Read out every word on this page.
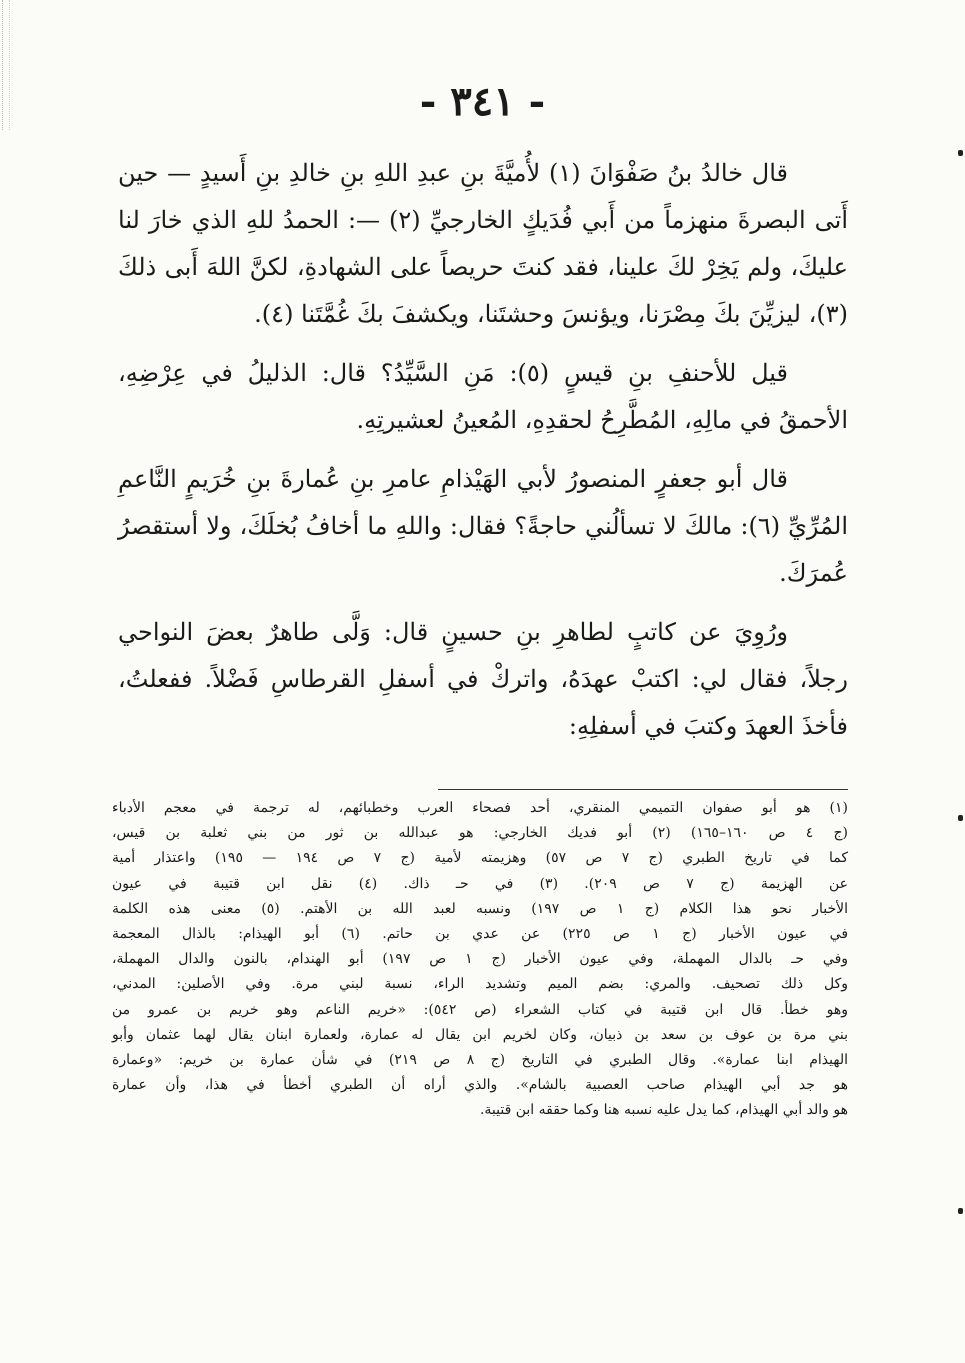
- ٣٤١ -

قال خالدُ بنُ صَفْوَانَ (١) لأُميَّةَ بنِ عبدِ اللهِ بنِ خالدِ بنِ أَسيدٍ — حين أَتى البصرةَ منهزماً من أَبي فُدَيكٍ الخارجيِّ (٢) —: الحمدُ للهِ الذي خارَ لنا عليكَ، ولم يَخِرْ لكَ علينا، فقد كنتَ حريصاً على الشهادةِ، لكنَّ اللهَ أَبى ذلكَ (٣)، ليزيِّنَ بكَ مِصْرَنا، ويؤنسَ وحشتَنا، ويكشفَ بكَ غُمَّتَنا (٤).

قيل للأحنفِ بنِ قيسٍ (٥): مَنِ السَّيِّدُ؟ قال: الذليلُ في عِرْضِهِ، الأحمقُ في مالِهِ، المُطَّرِحُ لحقدِهِ، المُعينُ لعشيرتِهِ.

قال أبو جعفرٍ المنصورُ لأبي الهَيْذامِ عامرِ بنِ عُمارةَ بنِ خُرَيمٍ النَّاعمِ المُرِّيِّ (٦): مالكَ لا تسألُني حاجةً؟ فقال: واللهِ ما أخافُ بُخلَكَ، ولا أستقصرُ عُمرَكَ.

ورُوِيَ عن كاتبٍ لطاهرِ بنِ حسينٍ قال: وَلَّى طاهرٌ بعضَ النواحي رجلاً، فقال لي: اكتبْ عهدَهُ، واتركْ في أسفلِ القرطاسِ فَضْلاً. ففعلتُ، فأخذَ العهدَ وكتبَ في أسفلِهِ:

(١) هو أبو صفوان التميمي المنقري، أحد فصحاء العرب وخطبائهم، له ترجمة في معجم الأدباء
(ج ٤ ص ١٦٠–١٦٥) (٢) أبو فديك الخارجي: هو عبدالله بن ثور من بني ثعلبة بن قيس،
كما في تاريخ الطبري (ج ٧ ص ٥٧) وهزيمته لأمية (ج ٧ ص ١٩٤ — ١٩٥) واعتذار أمية
عن الهزيمة (ج ٧ ص ٢٠٩). (٣) في حـ ذاك. (٤) نقل ابن قتيبة في عيون
الأخبار نحو هذا الكلام (ج ١ ص ١٩٧) ونسبه لعبد الله بن الأهتم. (٥) معنى هذه الكلمة
في عيون الأخبار (ج ١ ص ٢٢٥) عن عدي بن حاتم. (٦) أبو الهيذام: بالذال المعجمة
وفي حـ بالدال المهملة، وفي عيون الأخبار (ج ١ ص ١٩٧) أبو الهندام، بالنون والدال المهملة،
وكل ذلك تصحيف. والمري: بضم الميم وتشديد الراء، نسبة لبني مرة. وفي الأصلين: المدني،
وهو خطأ. قال ابن قتيبة في كتاب الشعراء (ص ٥٤٢): «خريم الناعم وهو خريم بن عمرو من
بني مرة بن عوف بن سعد بن ذبيان، وكان لخريم ابن يقال له عمارة، ولعمارة ابنان يقال لهما عثمان وأبو
الهيذام ابنا عمارة». وقال الطبري في التاريخ (ج ٨ ص ٢١٩) في شأن عمارة بن خريم: «وعمارة
هو جد أبي الهيذام صاحب العصبية بالشام». والذي أراه أن الطبري أخطأ في هذا، وأن عمارة
هو والد أبي الهيذام، كما يدل عليه نسبه هنا وكما حققه ابن قتيبة.
